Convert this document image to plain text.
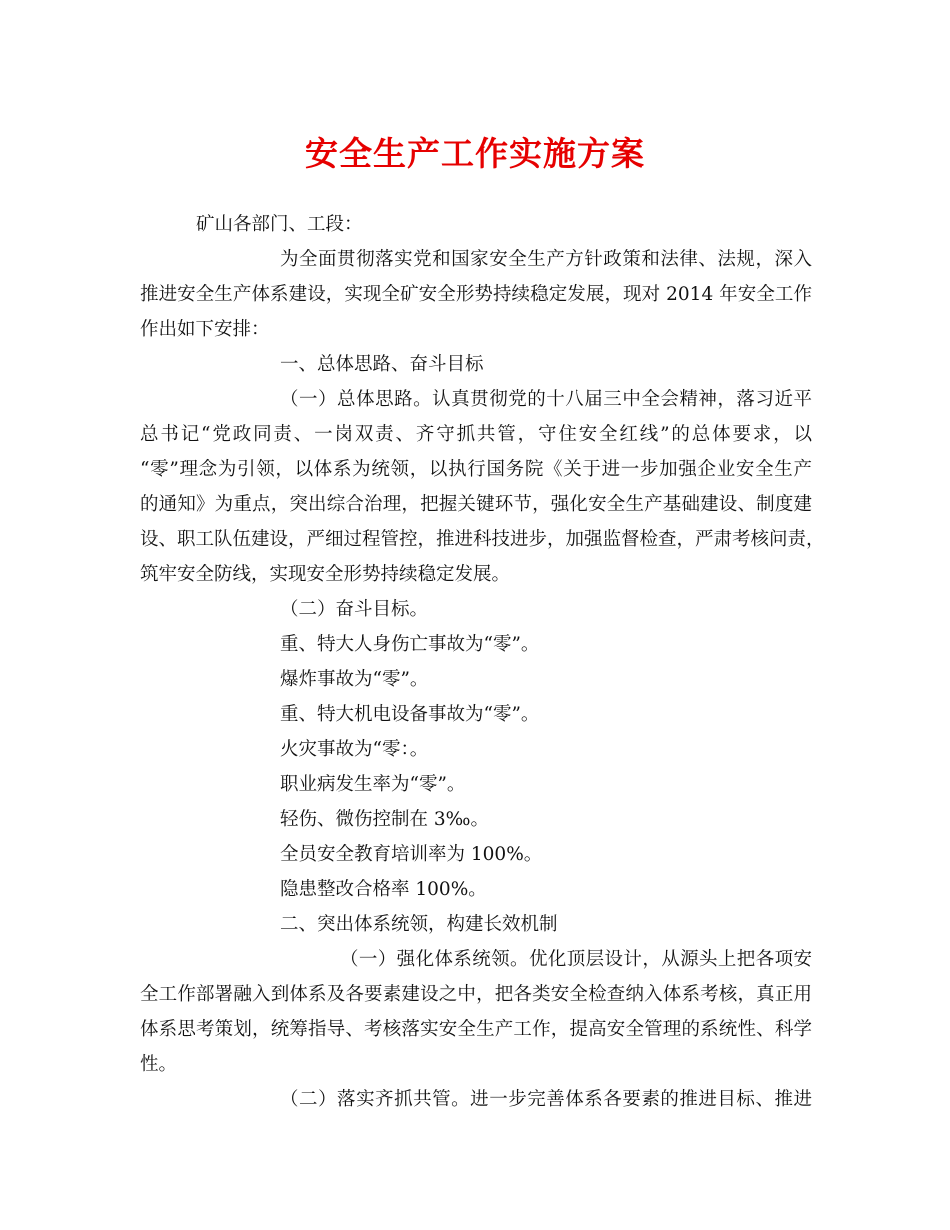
安全生产工作实施方案
矿山各部门、工段：
为全面贯彻落实党和国家安全生产方针政策和法律、法规，深入
推进安全生产体系建设，实现全矿安全形势持续稳定发展，现对 2014 年安全工作
作出如下安排：
一、总体思路、奋斗目标
（一）总体思路。认真贯彻党的十八届三中全会精神，落习近平
总书记“党政同责、一岗双责、齐守抓共管，守住安全红线”的总体要求，以
“零”理念为引领，以体系为统领，以执行国务院《关于进一步加强企业安全生产
的通知》为重点，突出综合治理，把握关键环节，强化安全生产基础建设、制度建
设、职工队伍建设，严细过程管控，推进科技进步，加强监督检查，严肃考核问责，
筑牢安全防线，实现安全形势持续稳定发展。
（二）奋斗目标。
重、特大人身伤亡事故为“零”。
爆炸事故为“零”。
重、特大机电设备事故为“零”。
火灾事故为“零：。
职业病发生率为“零”。
轻伤、微伤控制在 3‰。
全员安全教育培训率为 100%。
隐患整改合格率 100%。
二、突出体系统领，构建长效机制
（一）强化体系统领。优化顶层设计，从源头上把各项安
全工作部署融入到体系及各要素建设之中，把各类安全检查纳入体系考核，真正用
体系思考策划，统筹指导、考核落实安全生产工作，提高安全管理的系统性、科学
性。
（二）落实齐抓共管。进一步完善体系各要素的推进目标、推进
